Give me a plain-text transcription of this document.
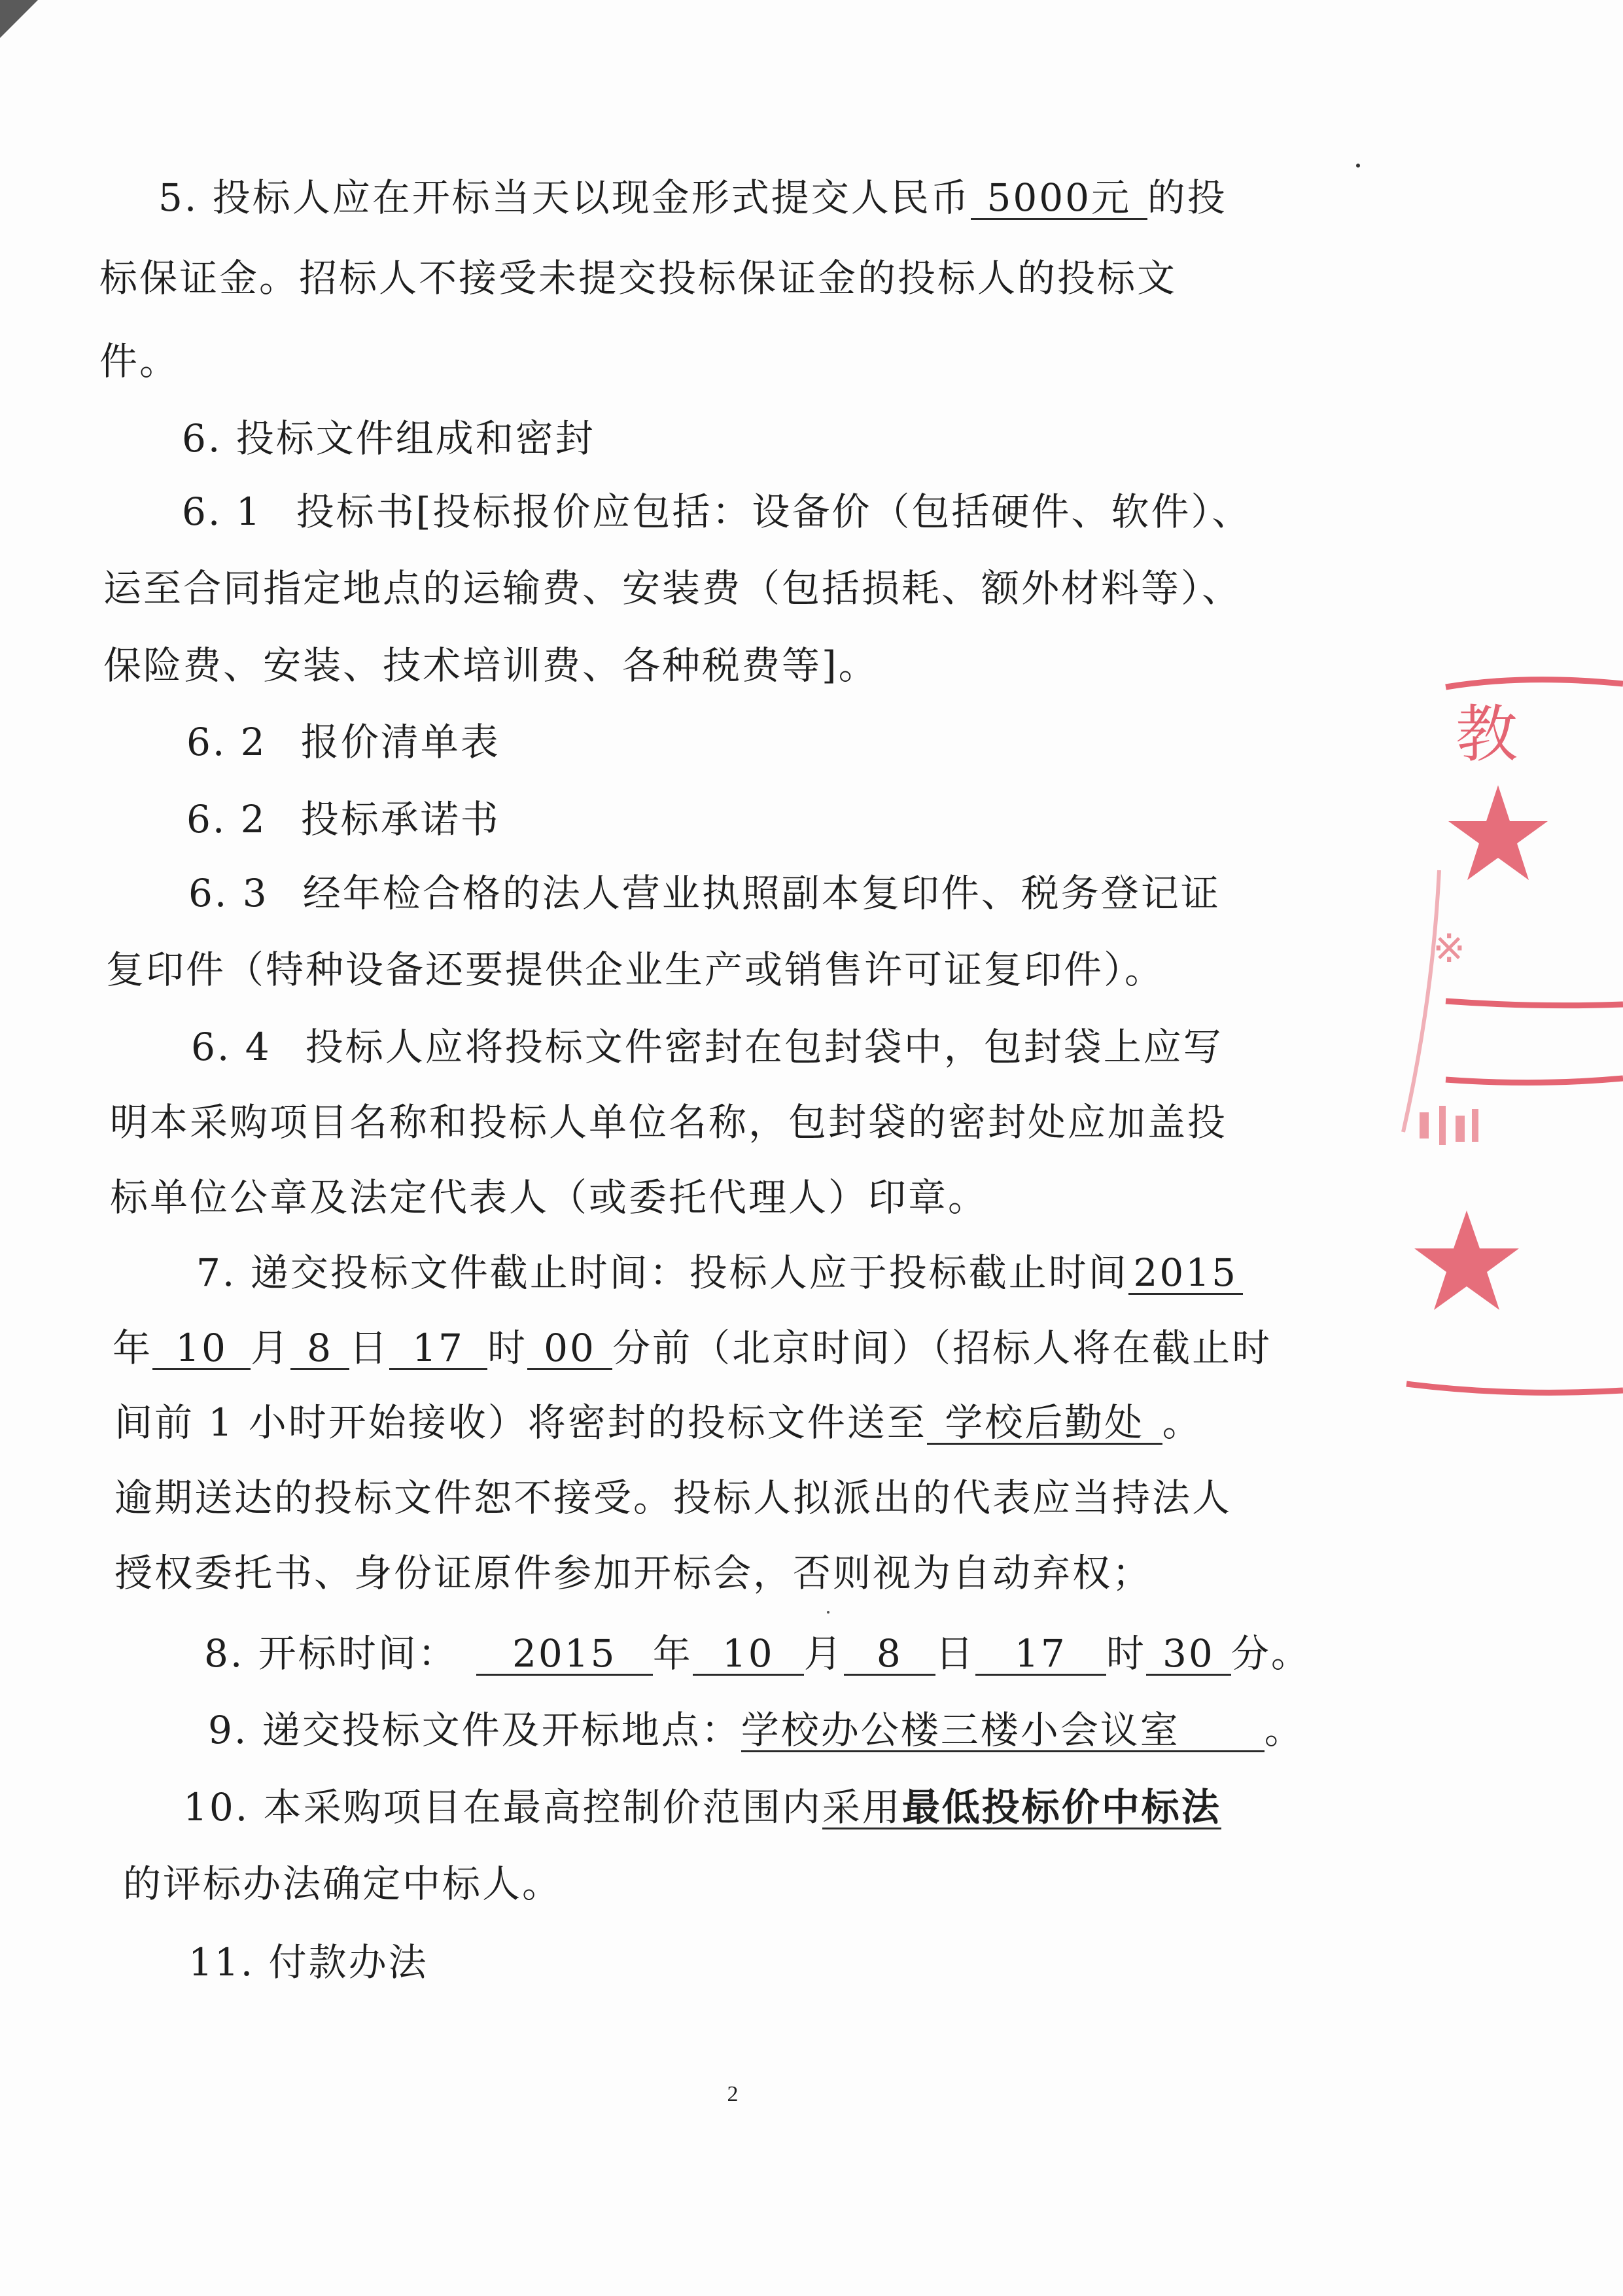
5. 投标人应在开标当天以现金形式提交人民币 5000元 的投
标保证金。招标人不接受未提交投标保证金的投标人的投标文
件。
6. 投标文件组成和密封
6. 1 投标书[投标报价应包括：设备价（包括硬件、软件）、
运至合同指定地点的运输费、安装费（包括损耗、额外材料等）、
保险费、安装、技术培训费、各种税费等]。
6. 2 报价清单表
6. 2 投标承诺书
6. 3 经年检合格的法人营业执照副本复印件、税务登记证
复印件（特种设备还要提供企业生产或销售许可证复印件）。
6. 4 投标人应将投标文件密封在包封袋中，包封袋上应写
明本采购项目名称和投标人单位名称，包封袋的密封处应加盖投
标单位公章及法定代表人（或委托代理人）印章。
7. 递交投标文件截止时间：投标人应于投标截止时间 2015
年 10 月 8 日 17 时 00 分前（北京时间）（招标人将在截止时
间前 1 小时开始接收）将密封的投标文件送至 学校后勤处 。
逾期送达的投标文件恕不接受。投标人拟派出的代表应当持法人
授权委托书、身份证原件参加开标会，否则视为自动弃权；
8. 开标时间： 2015 年 10 月 8 日 17 时 30 分。
9. 递交投标文件及开标地点：学校办公楼三楼小会议室 。
10. 本采购项目在最高控制价范围内采用最低投标价中标法
的评标办法确定中标人。
11. 付款办法
2
教
※
